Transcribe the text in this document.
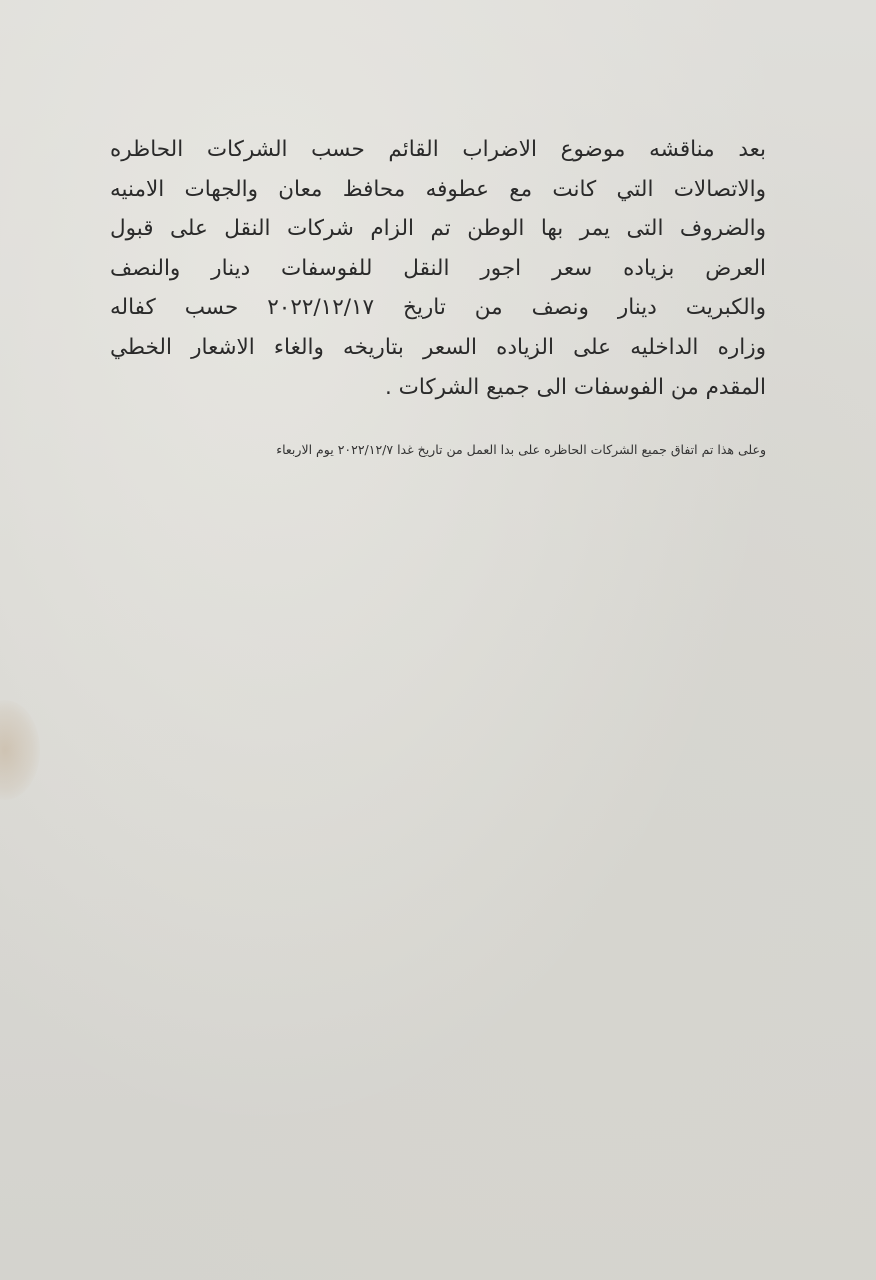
بعد مناقشه موضوع الاضراب القائم حسب الشركات الحاظره
والاتصالات التي كانت مع عطوفه محافظ معان والجهات الامنيه
والضروف التى يمر بها الوطن تم الزام شركات النقل على قبول
العرض بزياده سعر اجور النقل للفوسفات دينار والنصف
والكبريت دينار ونصف من تاريخ ٢٠٢٢/١٢/١٧ حسب كفاله
وزاره الداخليه على الزياده السعر بتاريخه والغاء الاشعار الخطي
المقدم من الفوسفات الى جميع الشركات .
وعلى هذا تم اتفاق جميع الشركات الحاظره على بدا العمل من تاريخ غدا ٢٠٢٢/١٢/٧ يوم الاربعاء
